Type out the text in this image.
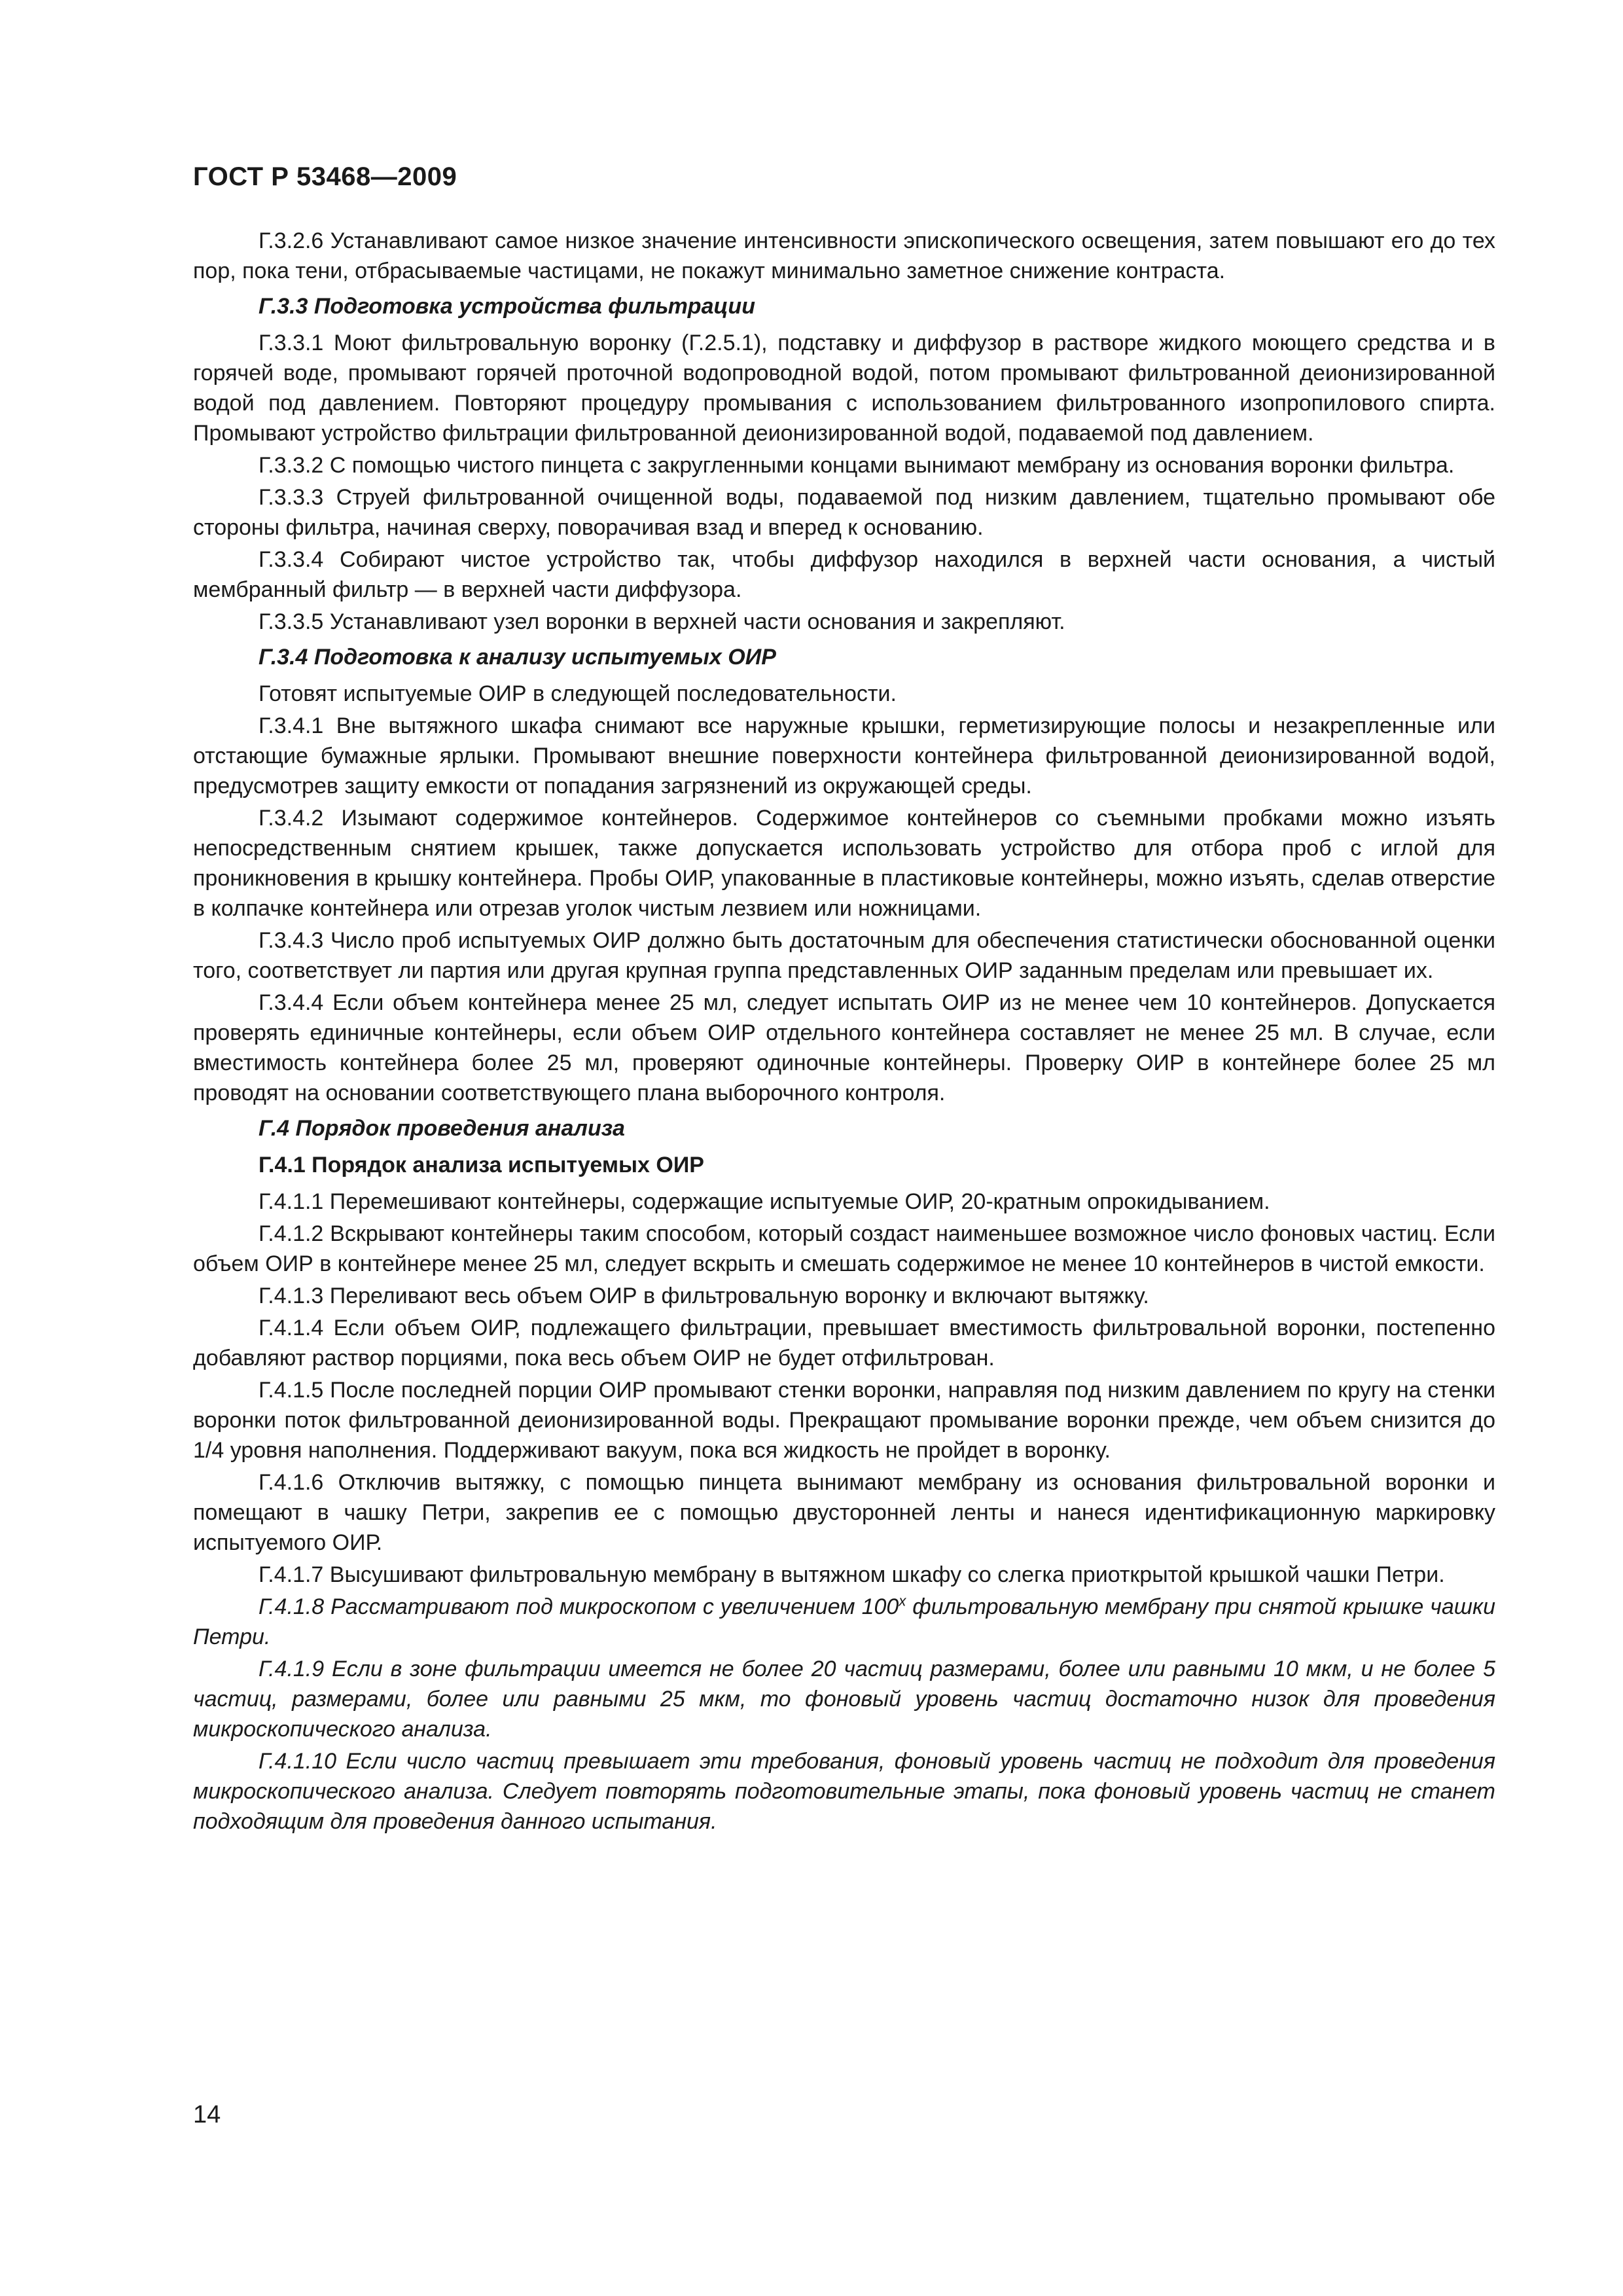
ГОСТ Р 53468—2009

Г.3.2.6 Устанавливают самое низкое значение интенсивности эпископического освещения, затем повышают его до тех пор, пока тени, отбрасываемые частицами, не покажут минимально заметное снижение контраста.

Г.3.3 Подготовка устройства фильтрации

Г.3.3.1 Моют фильтровальную воронку (Г.2.5.1), подставку и диффузор в растворе жидкого моющего средства и в горячей воде, промывают горячей проточной водопроводной водой, потом промывают фильтрованной деионизированной водой под давлением. Повторяют процедуру промывания с использованием фильтрованного изопропилового спирта. Промывают устройство фильтрации фильтрованной деионизированной водой, подаваемой под давлением.

Г.3.3.2 С помощью чистого пинцета с закругленными концами вынимают мембрану из основания воронки фильтра.

Г.3.3.3 Струей фильтрованной очищенной воды, подаваемой под низким давлением, тщательно промывают обе стороны фильтра, начиная сверху, поворачивая взад и вперед к основанию.

Г.3.3.4 Собирают чистое устройство так, чтобы диффузор находился в верхней части основания, а чистый мембранный фильтр — в верхней части диффузора.

Г.3.3.5 Устанавливают узел воронки в верхней части основания и закрепляют.

Г.3.4 Подготовка к анализу испытуемых ОИР

Готовят испытуемые ОИР в следующей последовательности.

Г.3.4.1 Вне вытяжного шкафа снимают все наружные крышки, герметизирующие полосы и незакрепленные или отстающие бумажные ярлыки. Промывают внешние поверхности контейнера фильтрованной деионизированной водой, предусмотрев защиту емкости от попадания загрязнений из окружающей среды.

Г.3.4.2 Изымают содержимое контейнеров. Содержимое контейнеров со съемными пробками можно изъять непосредственным снятием крышек, также допускается использовать устройство для отбора проб с иглой для проникновения в крышку контейнера. Пробы ОИР, упакованные в пластиковые контейнеры, можно изъять, сделав отверстие в колпачке контейнера или отрезав уголок чистым лезвием или ножницами.

Г.3.4.3 Число проб испытуемых ОИР должно быть достаточным для обеспечения статистически обоснованной оценки того, соответствует ли партия или другая крупная группа представленных ОИР заданным пределам или превышает их.

Г.3.4.4 Если объем контейнера менее 25 мл, следует испытать ОИР из не менее чем 10 контейнеров. Допускается проверять единичные контейнеры, если объем ОИР отдельного контейнера составляет не менее 25 мл. В случае, если вместимость контейнера более 25 мл, проверяют одиночные контейнеры. Проверку ОИР в контейнере более 25 мл проводят на основании соответствующего плана выборочного контроля.

Г.4 Порядок проведения анализа
Г.4.1 Порядок анализа испытуемых ОИР

Г.4.1.1 Перемешивают контейнеры, содержащие испытуемые ОИР, 20-кратным опрокидыванием.

Г.4.1.2 Вскрывают контейнеры таким способом, который создаст наименьшее возможное число фоновых частиц. Если объем ОИР в контейнере менее 25 мл, следует вскрыть и смешать содержимое не менее 10 контейнеров в чистой емкости.

Г.4.1.3 Переливают весь объем ОИР в фильтровальную воронку и включают вытяжку.

Г.4.1.4 Если объем ОИР, подлежащего фильтрации, превышает вместимость фильтровальной воронки, постепенно добавляют раствор порциями, пока весь объем ОИР не будет отфильтрован.

Г.4.1.5 После последней порции ОИР промывают стенки воронки, направляя под низким давлением по кругу на стенки воронки поток фильтрованной деионизированной воды. Прекращают промывание воронки прежде, чем объем снизится до 1/4 уровня наполнения. Поддерживают вакуум, пока вся жидкость не пройдет в воронку.

Г.4.1.6 Отключив вытяжку, с помощью пинцета вынимают мембрану из основания фильтровальной воронки и помещают в чашку Петри, закрепив ее с помощью двусторонней ленты и нанеся идентификационную маркировку испытуемого ОИР.

Г.4.1.7 Высушивают фильтровальную мембрану в вытяжном шкафу со слегка приоткрытой крышкой чашки Петри.

Г.4.1.8 Рассматривают под микроскопом с увеличением 100$^x$ фильтровальную мембрану при снятой крышке чашки Петри.

Г.4.1.9 Если в зоне фильтрации имеется не более 20 частиц размерами, более или равными 10 мкм, и не более 5 частиц, размерами, более или равными 25 мкм, то фоновый уровень частиц достаточно низок для проведения микроскопического анализа.

Г.4.1.10 Если число частиц превышает эти требования, фоновый уровень частиц не подходит для проведения микроскопического анализа. Следует повторять подготовительные этапы, пока фоновый уровень частиц не станет подходящим для проведения данного испытания.

14
